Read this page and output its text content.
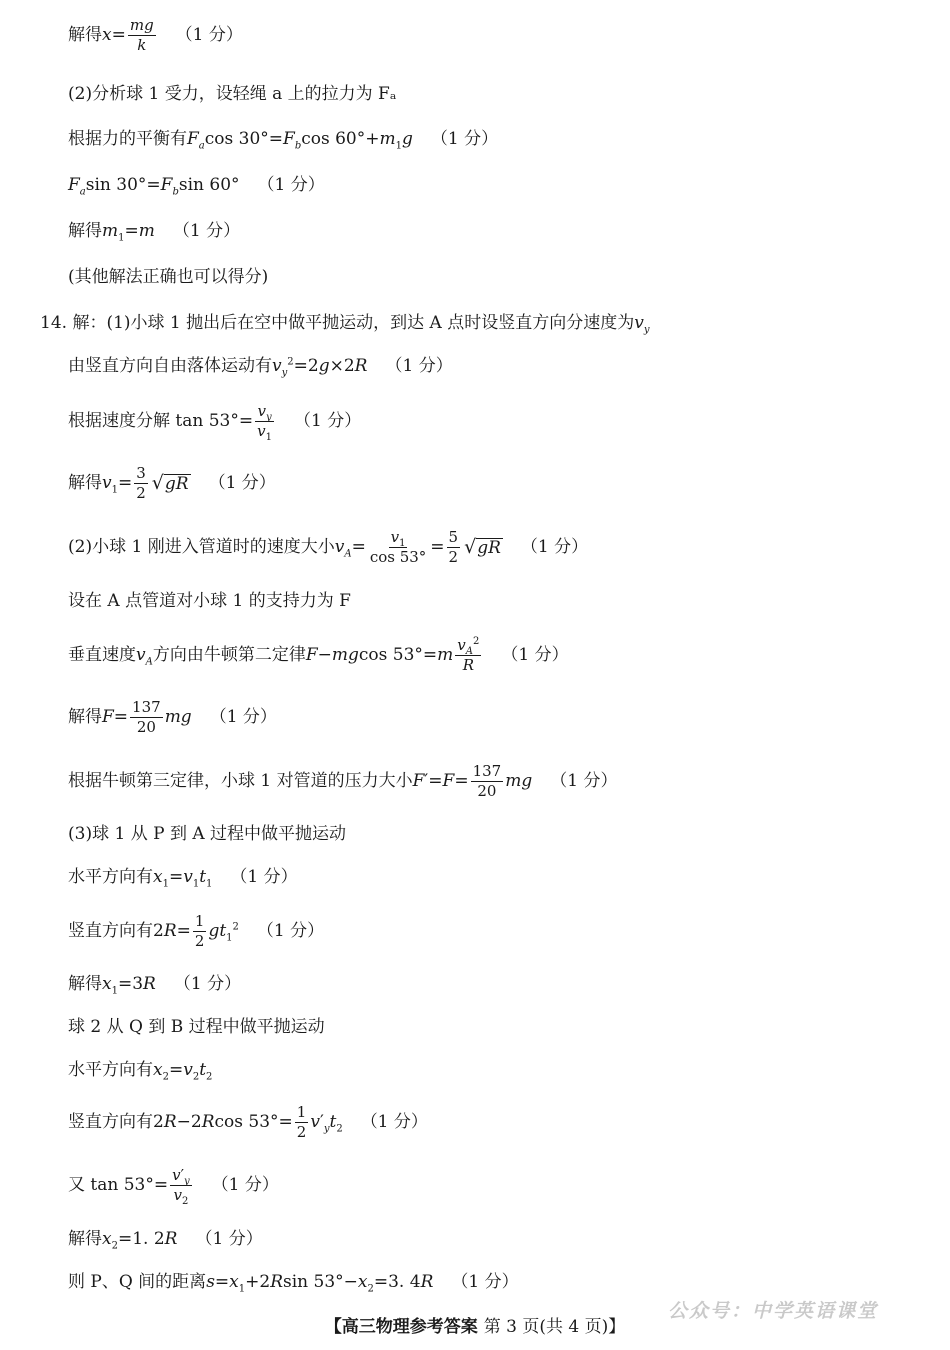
解得 $x = \frac{mg}{k} (1$ 分）
(2)分析球 1 受力，设轻绳 a 上的拉力为 Fₐ
根据力的平衡有 $F_a\cos$ $30^\circ=F_b\cos$ $60^\circ+m_1g$ （1 分）
$F_a\sin$ $30^\circ=F_b\sin$ 60° （1 分）
解得 $m_1=m$ （1 分）
(其他解法正确也可以得分)
14. 解：(1)小球 1 抛出后在空中做平抛运动，到达 A 点时设竖直方向分速度为 $v_y$
由竖直方向自由落体运动有 $v_y^2=2g\times 2R$ （1 分）
根据速度分解 $\tan 53^\circ= \frac{v_y}{v_1} (1$ 分）
解得 $v_1= \frac{3}{2}$ √ gR （1 分）
(2)小球 1 刚进入管道时的速度大小 $v_A= \frac{v_1}{\cos 53^\circ} = \frac{5}{2}$ √ gR （1 分）
设在 A 点管道对小球 1 的支持力为 F
垂直速度 $v_A$ 方向由牛顿第二定律 F−mgcos $53^\circ=m \frac{v_A^2}{R} (1$ 分）
解得 $F= \frac{137}{20}$ mg （1 分）
根据牛顿第三定律，小球 1 对管道的压力大小 $F'=F= \frac{137}{20}$ mg （1 分）
(3)球 1 从 P 到 A 过程中做平抛运动
水平方向有 $x_1=v_1t_1$ （1 分）
竖直方向有 $2R= \frac{1}{2} gt_1^2$ （1 分）
解得 $x_1=3R$ （1 分）
球 2 从 Q 到 B 过程中做平抛运动
水平方向有 $x_2=v_2t_2$
竖直方向有 2R−2Rcos $53^\circ= \frac{1}{2} v'_yt_2$ （1 分）
又 $\tan 53^\circ= \frac{v'_y}{v_2} (1$ 分）
解得 $x_2=1$. 2R （1 分）
则 P、Q 间的距离 $s=x_1+2Rsin$ $53^\circ-x_2=3$. 4R （1 分）
公众号：中学英语课堂
【高三物理参考答案 第 3 页(共 4 页)】
